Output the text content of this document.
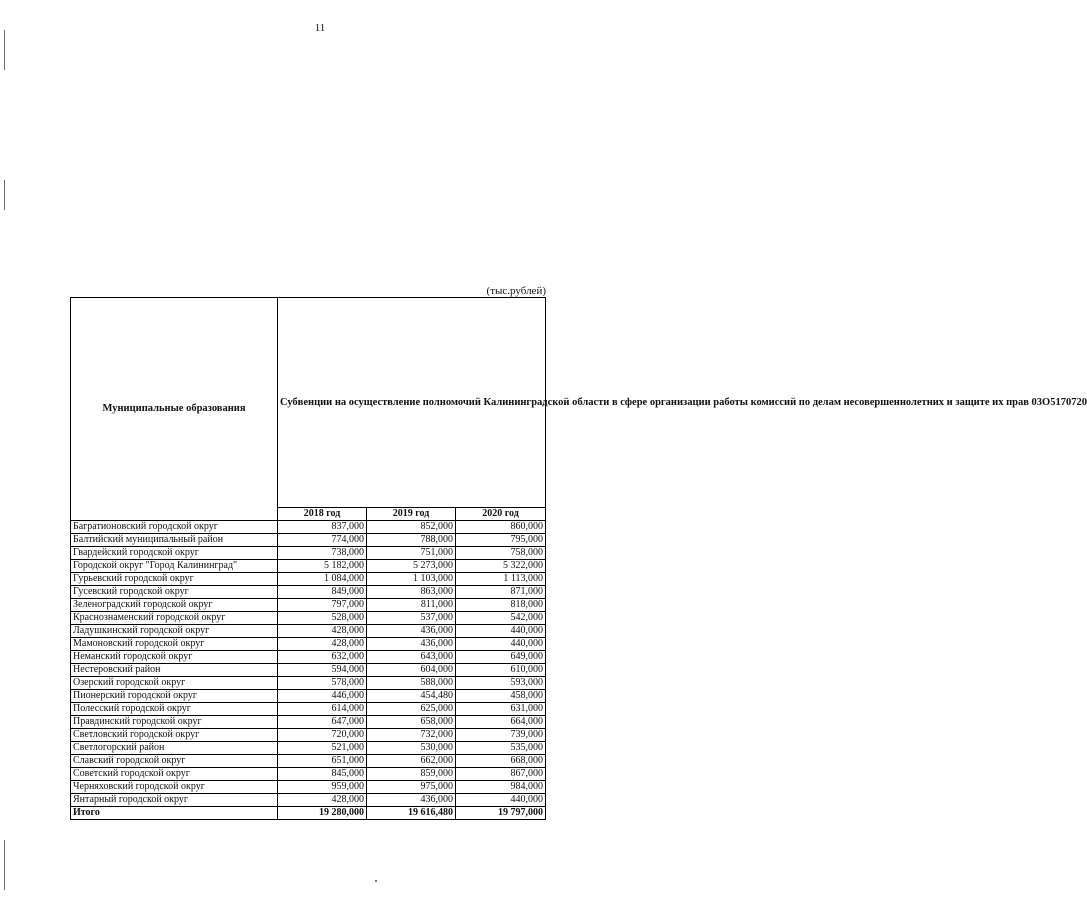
11
(тыс.рублей)
Муниципальные образования	Субвенции на осуществление полномочий Калининградской области в сфере организации работы комиссий по делам несовершеннолетних и защите их прав 03О5170720		
	2018 год	2019 год	2020 год
Багратионовский городской округ	837,000	852,000	860,000
Балтийский муниципальный район	774,000	788,000	795,000
Гвардейский городской округ	738,000	751,000	758,000
Городской округ "Город Калининград"	5 182,000	5 273,000	5 322,000
Гурьевский городской округ	1 084,000	1 103,000	1 113,000
Гусевский городской округ	849,000	863,000	871,000
Зеленоградский городской округ	797,000	811,000	818,000
Краснознаменский городской округ	528,000	537,000	542,000
Ладушкинский городской округ	428,000	436,000	440,000
Мамоновский городской округ	428,000	436,000	440,000
Неманский городской округ	632,000	643,000	649,000
Нестеровский район	594,000	604,000	610,000
Озерский городской округ	578,000	588,000	593,000
Пионерский городской округ	446,000	454,480	458,000
Полесский городской округ	614,000	625,000	631,000
Правдинский городской округ	647,000	658,000	664,000
Светловский городской округ	720,000	732,000	739,000
Светлогорский район	521,000	530,000	535,000
Славский городской округ	651,000	662,000	668,000
Советский городской округ	845,000	859,000	867,000
Черняховский городской округ	959,000	975,000	984,000
Янтарный городской округ	428,000	436,000	440,000
Итого	19 280,000	19 616,480	19 797,000
